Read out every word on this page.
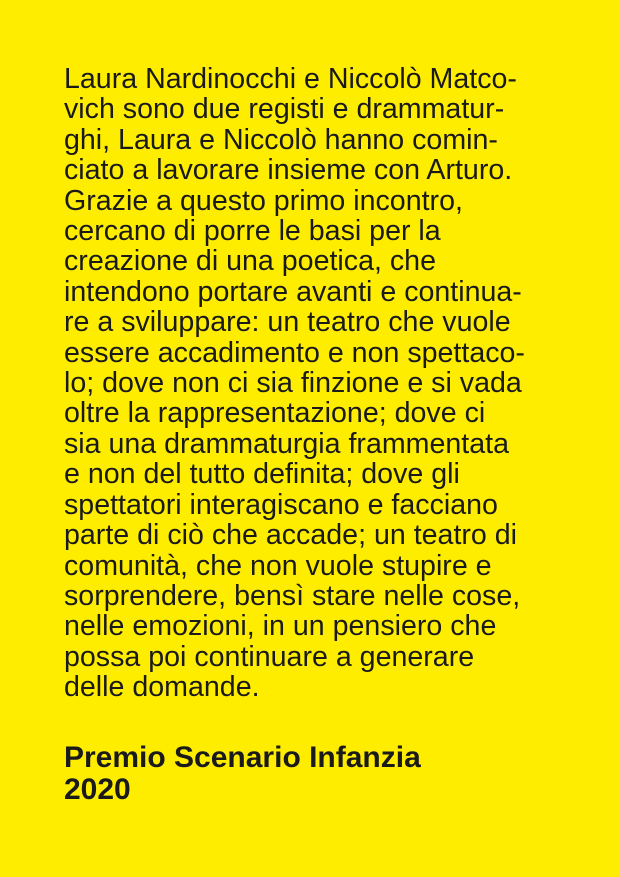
Laura Nardinocchi e Niccolò Matco-
vich sono due registi e drammatur-
ghi, Laura e Niccolò hanno comin-
ciato a lavorare insieme con Arturo.
Grazie a questo primo incontro,
cercano di porre le basi per la
creazione di una poetica, che
intendono portare avanti e continua-
re a sviluppare: un teatro che vuole
essere accadimento e non spettaco-
lo; dove non ci sia finzione e si vada
oltre la rappresentazione; dove ci
sia una drammaturgia frammentata
e non del tutto definita; dove gli
spettatori interagiscano e facciano
parte di ciò che accade; un teatro di
comunità, che non vuole stupire e
sorprendere, bensì stare nelle cose,
nelle emozioni, in un pensiero che
possa poi continuare a generare
delle domande.

Premio Scenario Infanzia
2020
